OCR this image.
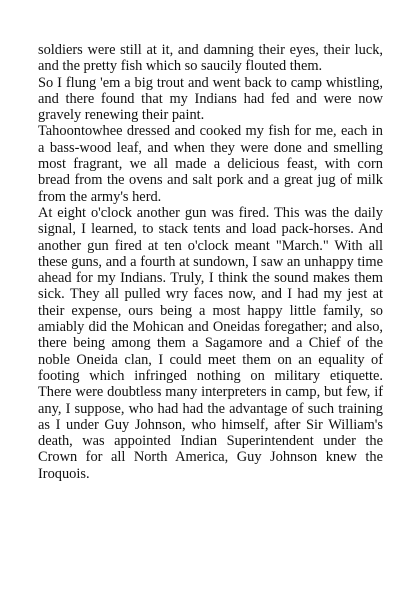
soldiers were still at it, and damning their eyes, their luck, and the pretty fish which so saucily flouted them.

So I flung 'em a big trout and went back to camp whistling, and there found that my Indians had fed and were now gravely renewing their paint.

Tahoontowhee dressed and cooked my fish for me, each in a bass-wood leaf, and when they were done and smelling most fragrant, we all made a delicious feast, with corn bread from the ovens and salt pork and a great jug of milk from the army's herd.

At eight o'clock another gun was fired. This was the daily signal, I learned, to stack tents and load pack-horses. And another gun fired at ten o'clock meant "March." With all these guns, and a fourth at sundown, I saw an unhappy time ahead for my Indians. Truly, I think the sound makes them sick. They all pulled wry faces now, and I had my jest at their expense, ours being a most happy little family, so amiably did the Mohican and Oneidas foregather; and also, there being among them a Sagamore and a Chief of the noble Oneida clan, I could meet them on an equality of footing which infringed nothing on military etiquette. There were doubtless many interpreters in camp, but few, if any, I suppose, who had had the advantage of such training as I under Guy Johnson, who himself, after Sir William's death, was appointed Indian Superintendent under the Crown for all North America, Guy Johnson knew the Iroquois.
